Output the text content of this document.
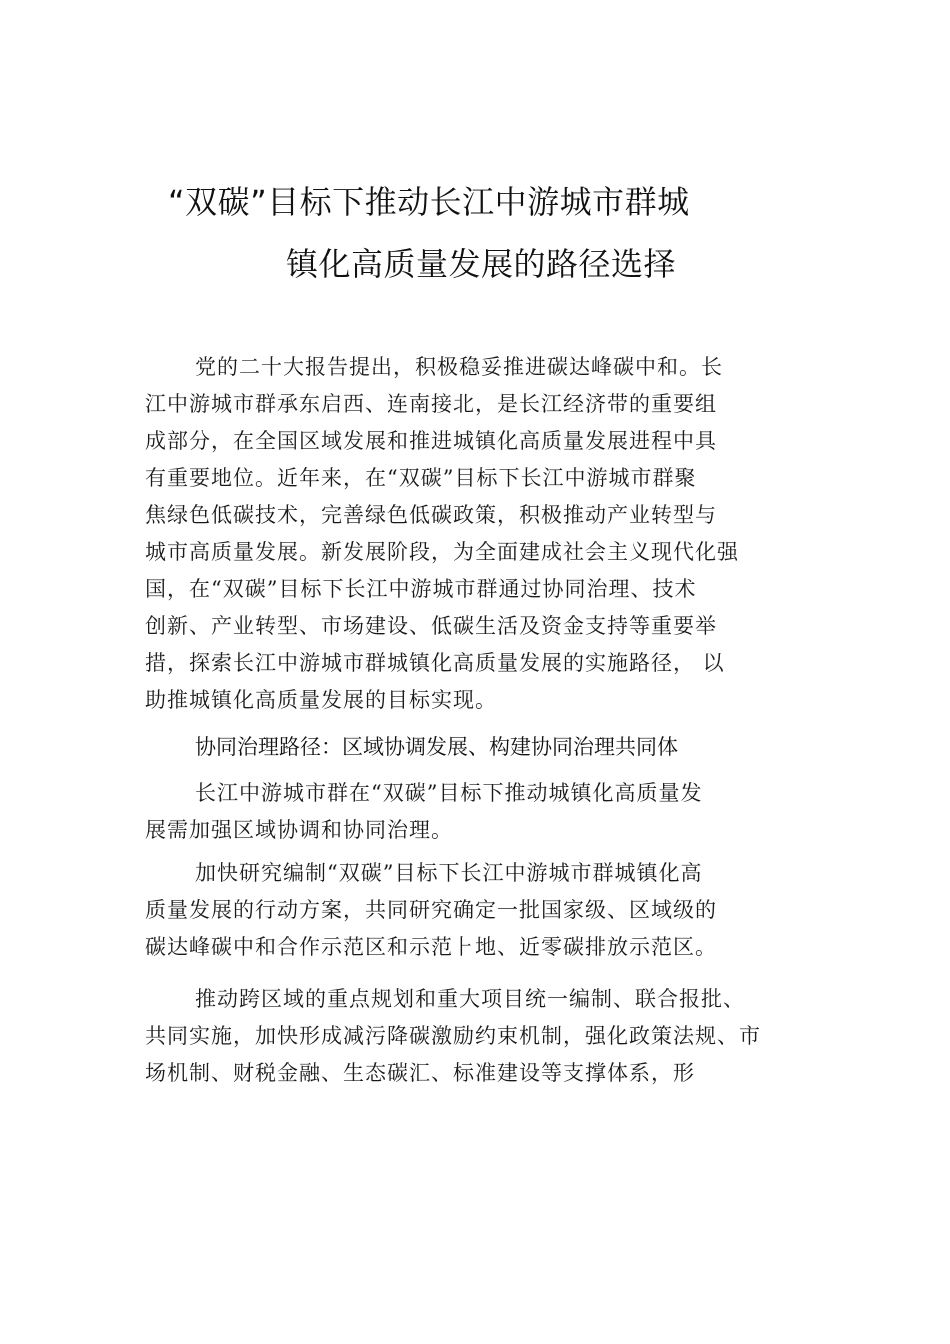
“双碳”目标下推动长江中游城市群城
镇化高质量发展的路径选择
党的二十大报告提出，积极稳妥推进碳达峰碳中和。长
江中游城市群承东启西、连南接北，是长江经济带的重要组
成部分，在全国区域发展和推进城镇化高质量发展进程中具
有重要地位。近年来，在“双碳”目标下长江中游城市群聚
焦绿色低碳技术，完善绿色低碳政策，积极推动产业转型与
城市高质量发展。新发展阶段，为全面建成社会主义现代化强
国，在“双碳”目标下长江中游城市群通过协同治理、技术
创新、产业转型、市场建设、低碳生活及资金支持等重要举
措，探索长江中游城市群城镇化高质量发展的实施路径， 以
助推城镇化高质量发展的目标实现。
协同治理路径：区域协调发展、构建协同治理共同体
长江中游城市群在“双碳”目标下推动城镇化高质量发
展需加强区域协调和协同治理。
加快研究编制“双碳”目标下长江中游城市群城镇化高
质量发展的行动方案，共同研究确定一批国家级、区域级的
碳达峰碳中和合作示范区和示范⺊地、近零碳排放示范区。
推动跨区域的重点规划和重大项目统一编制、联合报批、
共同实施，加快形成减污降碳激励约束机制，强化政策法规、市
场机制、财税金融、生态碳汇、标准建设等支撑体系，形
